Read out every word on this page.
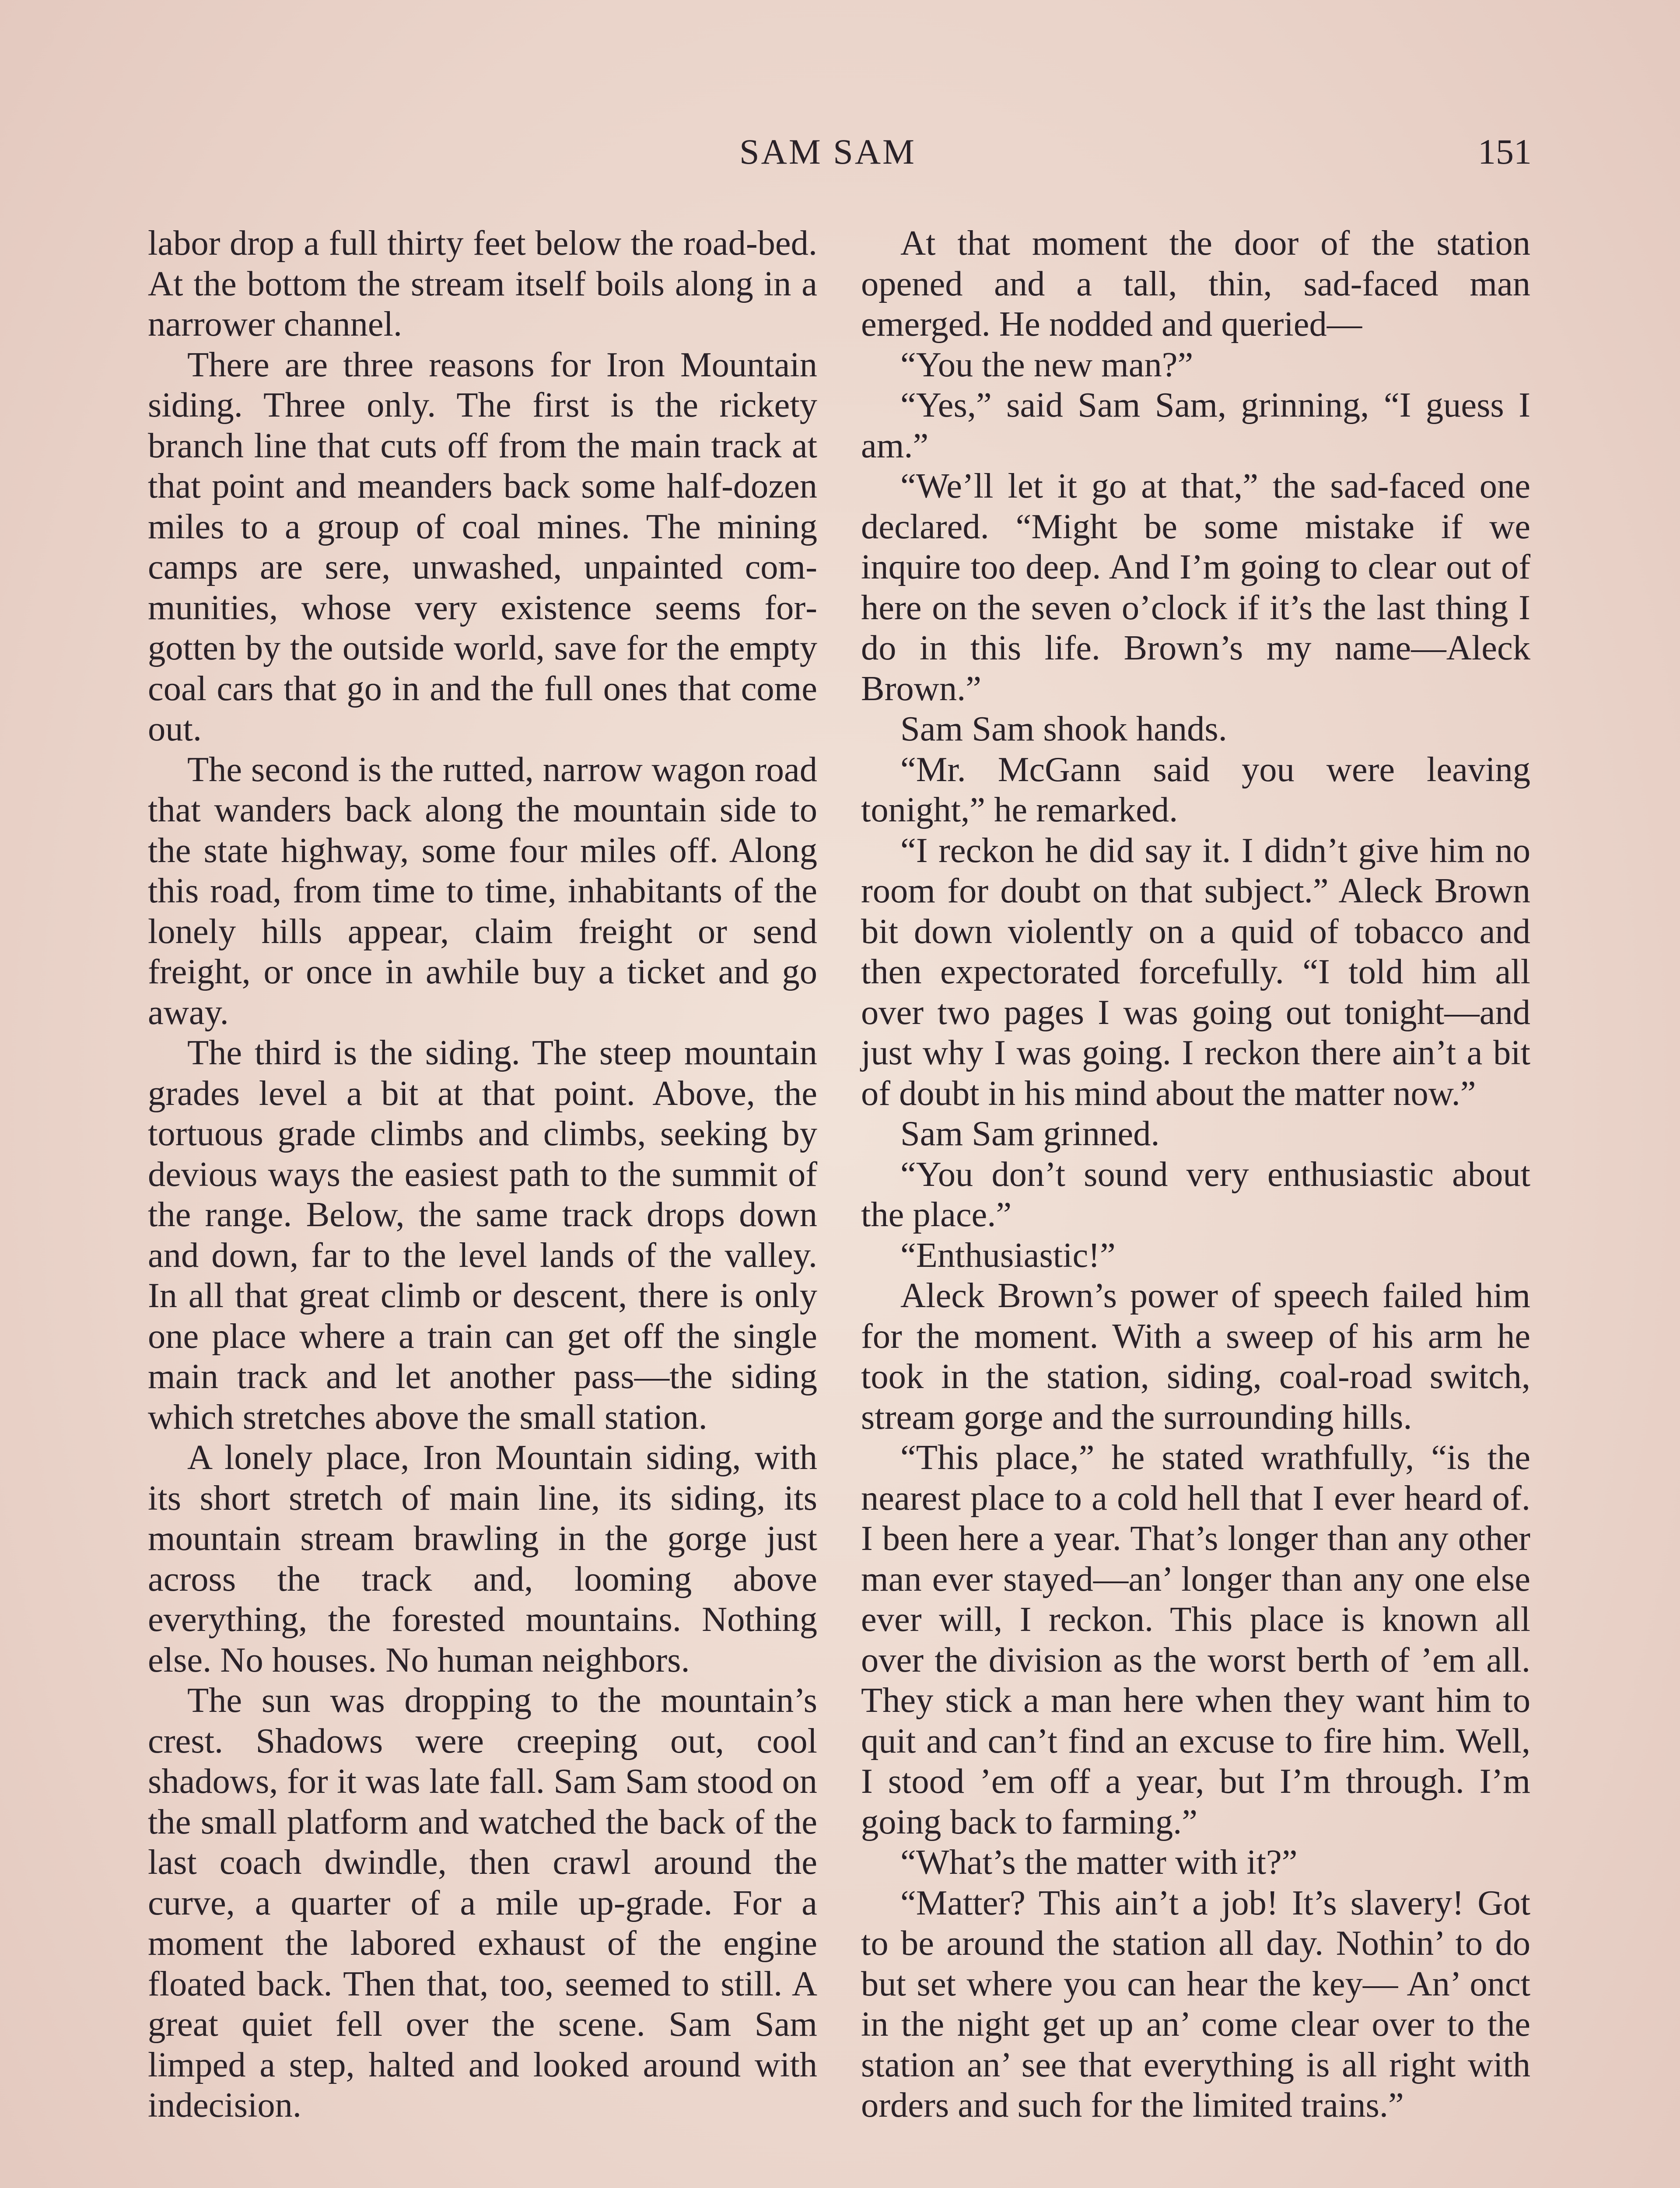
SAM SAM	151

labor drop a full thirty feet below the road-bed. At the bottom the stream itself boils along in a narrower channel.

There are three reasons for Iron Mountain siding. Three only. The first is the rickety branch line that cuts off from the main track at that point and meanders back some half-dozen miles to a group of coal mines. The mining camps are sere, unwashed, unpainted communities, whose very existence seems forgotten by the outside world, save for the empty coal cars that go in and the full ones that come out.

The second is the rutted, narrow wagon road that wanders back along the mountain side to the state highway, some four miles off. Along this road, from time to time, inhabitants of the lonely hills appear, claim freight or send freight, or once in awhile buy a ticket and go away.

The third is the siding. The steep mountain grades level a bit at that point. Above, the tortuous grade climbs and climbs, seeking by devious ways the easiest path to the summit of the range. Below, the same track drops down and down, far to the level lands of the valley. In all that great climb or descent, there is only one place where a train can get off the single main track and let another pass—the siding which stretches above the small station.

A lonely place, Iron Mountain siding, with its short stretch of main line, its siding, its mountain stream brawling in the gorge just across the track and, looming above everything, the forested mountains. Nothing else. No houses. No human neighbors.

The sun was dropping to the mountain’s crest. Shadows were creeping out, cool shadows, for it was late fall. Sam Sam stood on the small platform and watched the back of the last coach dwindle, then crawl around the curve, a quarter of a mile up-grade. For a moment the labored exhaust of the engine floated back. Then that, too, seemed to still. A great quiet fell over the scene. Sam Sam limped a step, halted and looked around with indecision.

At that moment the door of the station opened and a tall, thin, sad-faced man emerged. He nodded and queried—

“You the new man?”

“Yes,” said Sam Sam, grinning, “I guess I am.”

“We’ll let it go at that,” the sad-faced one declared. “Might be some mistake if we inquire too deep. And I’m going to clear out of here on the seven o’clock if it’s the last thing I do in this life. Brown’s my name—Aleck Brown.”

Sam Sam shook hands.

“Mr. McGann said you were leaving tonight,” he remarked.

“I reckon he did say it. I didn’t give him no room for doubt on that subject.” Aleck Brown bit down violently on a quid of tobacco and then expectorated forcefully. “I told him all over two pages I was going out tonight—and just why I was going. I reckon there ain’t a bit of doubt in his mind about the matter now.”

Sam Sam grinned.

“You don’t sound very enthusiastic about the place.”

“Enthusiastic!”

Aleck Brown’s power of speech failed him for the moment. With a sweep of his arm he took in the station, siding, coal-road switch, stream gorge and the surrounding hills.

“This place,” he stated wrathfully, “is the nearest place to a cold hell that I ever heard of. I been here a year. That’s longer than any other man ever stayed—an’ longer than any one else ever will, I reckon. This place is known all over the division as the worst berth of ’em all. They stick a man here when they want him to quit and can’t find an excuse to fire him. Well, I stood ’em off a year, but I’m through. I’m going back to farming.”

“What’s the matter with it?”

“Matter? This ain’t a job! It’s slavery! Got to be around the station all day. Nothin’ to do but set where you can hear the key— An’ onct in the night get up an’ come clear over to the station an’ see that everything is all right with orders and such for the limited trains.”
